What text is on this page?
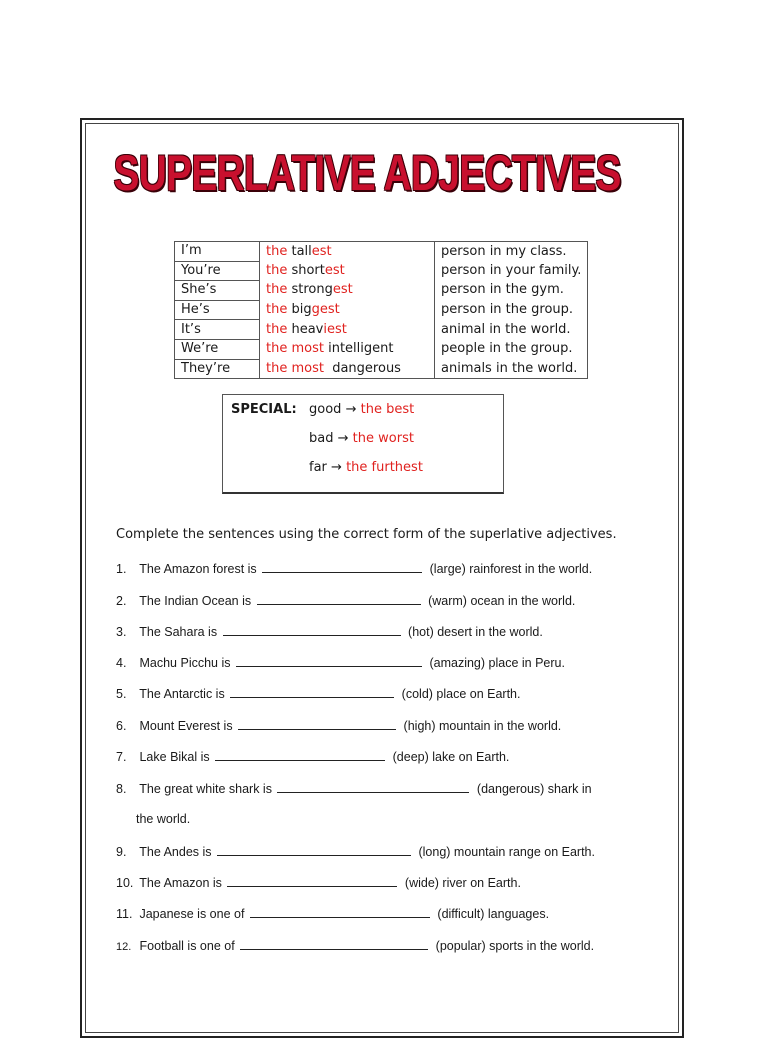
SUPERLATIVE ADJECTIVES
I’m	the tallest	person in my class.
You’re	the shortest	person in your family.
She’s	the strongest	person in the gym.
He’s	the biggest	person in the group.
It’s	the heaviest	animal in the world.
We’re	the most intelligent	people in the group.
They’re	the most  dangerous	animals in the world.
SPECIAL: good → the best
bad → the worst
far → the furthest
Complete the sentences using the correct form of the superlative adjectives.
1. The Amazon forest is	(large) rainforest in the world.
2. The Indian Ocean is	(warm) ocean in the world.
3. The Sahara is	(hot) desert in the world.
4. Machu Picchu is	(amazing) place in Peru.
5. The Antarctic is	(cold) place on Earth.
6. Mount Everest is	(high) mountain in the world.
7. Lake Bikal is	(deep) lake on Earth.
8. The great white shark is	(dangerous) shark in
the world.
9. The Andes is	(long) mountain range on Earth.
10. The Amazon is	(wide) river on Earth.
11. Japanese is one of	(difficult) languages.
12. Football is one of	(popular) sports in the world.
